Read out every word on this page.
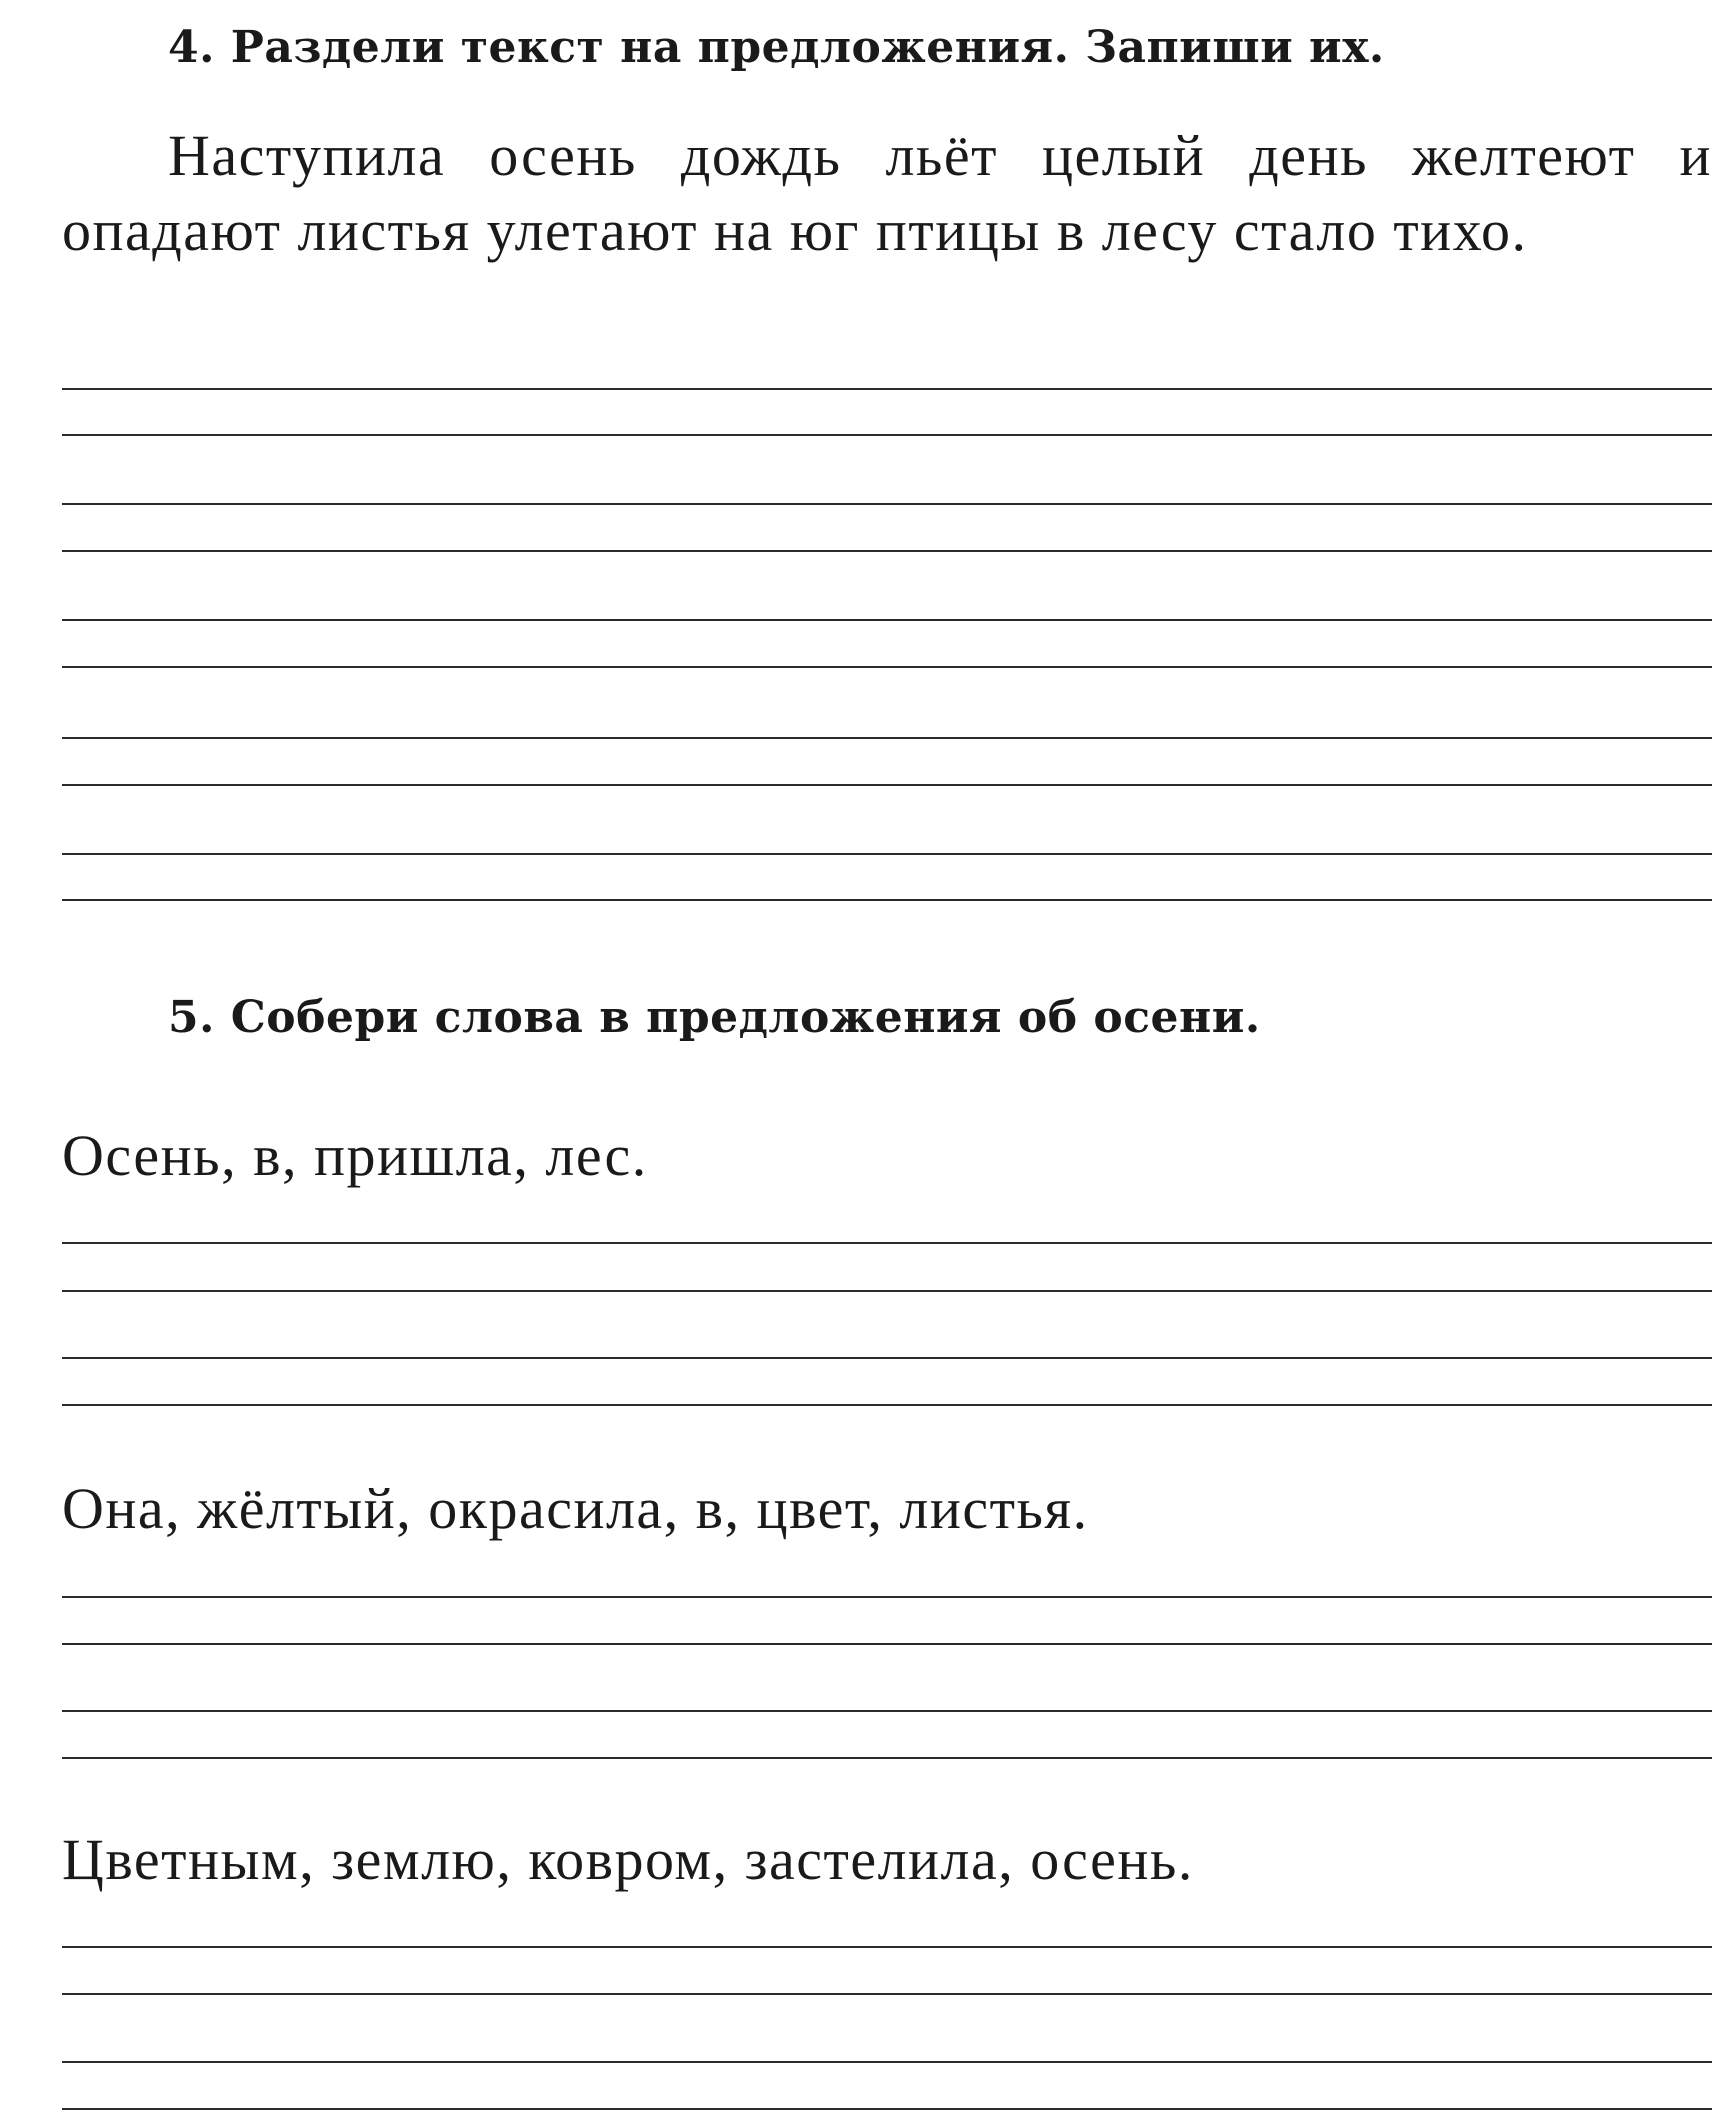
4. Раздели текст на предложения. Запиши их.
Наступила осень дождь льёт целый день желтеют и опадают листья улетают на юг птицы в лесу стало тихо.
5. Собери слова в предложения об осени.
Осень, в, пришла, лес.
Она, жёлтый, окрасила, в, цвет, листья.
Цветным, землю, ковром, застелила, осень.
